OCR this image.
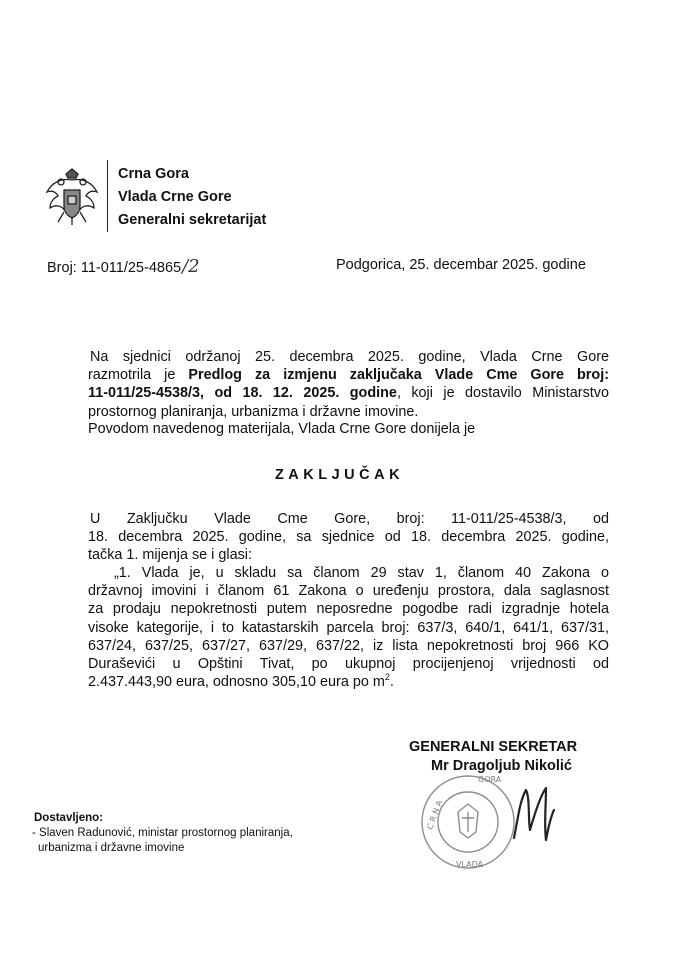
Crna Gora
Vlada Crne Gore
Generalni sekretarijat
Broj: 11-011/25-4865/2	Podgorica, 25. decembar 2025. godine
Na sjednici održanoj 25. decembra 2025. godine, Vlada Crne Gore
razmotrila je Predlog za izmjenu zaključaka Vlade Cme Gore broj:
11-011/25-4538/3, od 18. 12. 2025. godine, koji je dostavilo Ministarstvo
prostornog planiranja, urbanizma i državne imovine.
Povodom navedenog materijala, Vlada Crne Gore donijela je
ZAKLJUČAK
U Zaključku Vlade Cme Gore, broj: 11-011/25-4538/3, od
18. decembra 2025. godine, sa sjednice od 18. decembra 2025. godine,
tačka 1. mijenja se i glasi:
„1. Vlada je, u skladu sa članom 29 stav 1, članom 40 Zakona o
državnoj imovini i članom 61 Zakona o uređenju prostora, dala saglasnost
za prodaju nepokretnosti putem neposredne pogodbe radi izgradnje hotela
visoke kategorije, i to katastarskih parcela broj: 637/3, 640/1, 641/1, 637/31,
637/24, 637/25, 637/27, 637/29, 637/22, iz lista nepokretnosti broj 966 KO
Duraševići u Opštini Tivat, po ukupnoj procijenjenoj vrijednosti od
2.437.443,90 eura, odnosno 305,10 eura po $m^2$.
C R N A
GORA
VLADA
GENERALNI SEKRETAR
Mr Dragoljub Nikolić
Dostavljeno:
- Slaven Radunović, ministar prostornog planiranja,
urbanizma i državne imovine
